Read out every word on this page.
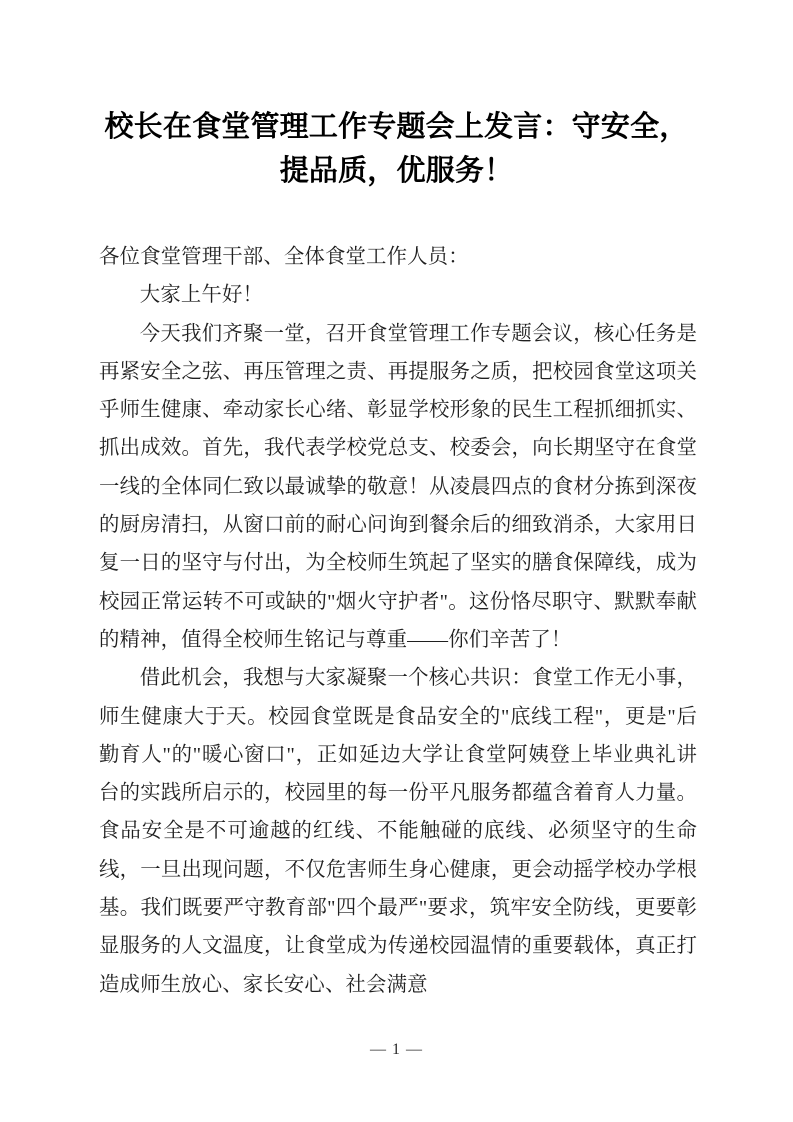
校长在食堂管理工作专题会上发言：守安全，提品质，优服务！

各位食堂管理干部、全体食堂工作人员：

大家上午好！

今天我们齐聚一堂，召开食堂管理工作专题会议，核心任务是再紧安全之弦、再压管理之责、再提服务之质，把校园食堂这项关乎师生健康、牵动家长心绪、彰显学校形象的民生工程抓细抓实、抓出成效。首先，我代表学校党总支、校委会，向长期坚守在食堂一线的全体同仁致以最诚挚的敬意！从凌晨四点的食材分拣到深夜的厨房清扫，从窗口前的耐心问询到餐余后的细致消杀，大家用日复一日的坚守与付出，为全校师生筑起了坚实的膳食保障线，成为校园正常运转不可或缺的"烟火守护者"。这份恪尽职守、默默奉献的精神，值得全校师生铭记与尊重——你们辛苦了！

借此机会，我想与大家凝聚一个核心共识：食堂工作无小事，师生健康大于天。校园食堂既是食品安全的"底线工程"，更是"后勤育人"的"暖心窗口"，正如延边大学让食堂阿姨登上毕业典礼讲台的实践所启示的，校园里的每一份平凡服务都蕴含着育人力量。食品安全是不可逾越的红线、不能触碰的底线、必须坚守的生命线，一旦出现问题，不仅危害师生身心健康，更会动摇学校办学根基。我们既要严守教育部"四个最严"要求，筑牢安全防线，更要彰显服务的人文温度，让食堂成为传递校园温情的重要载体，真正打造成师生放心、家长安心、社会满意

— 1 —
